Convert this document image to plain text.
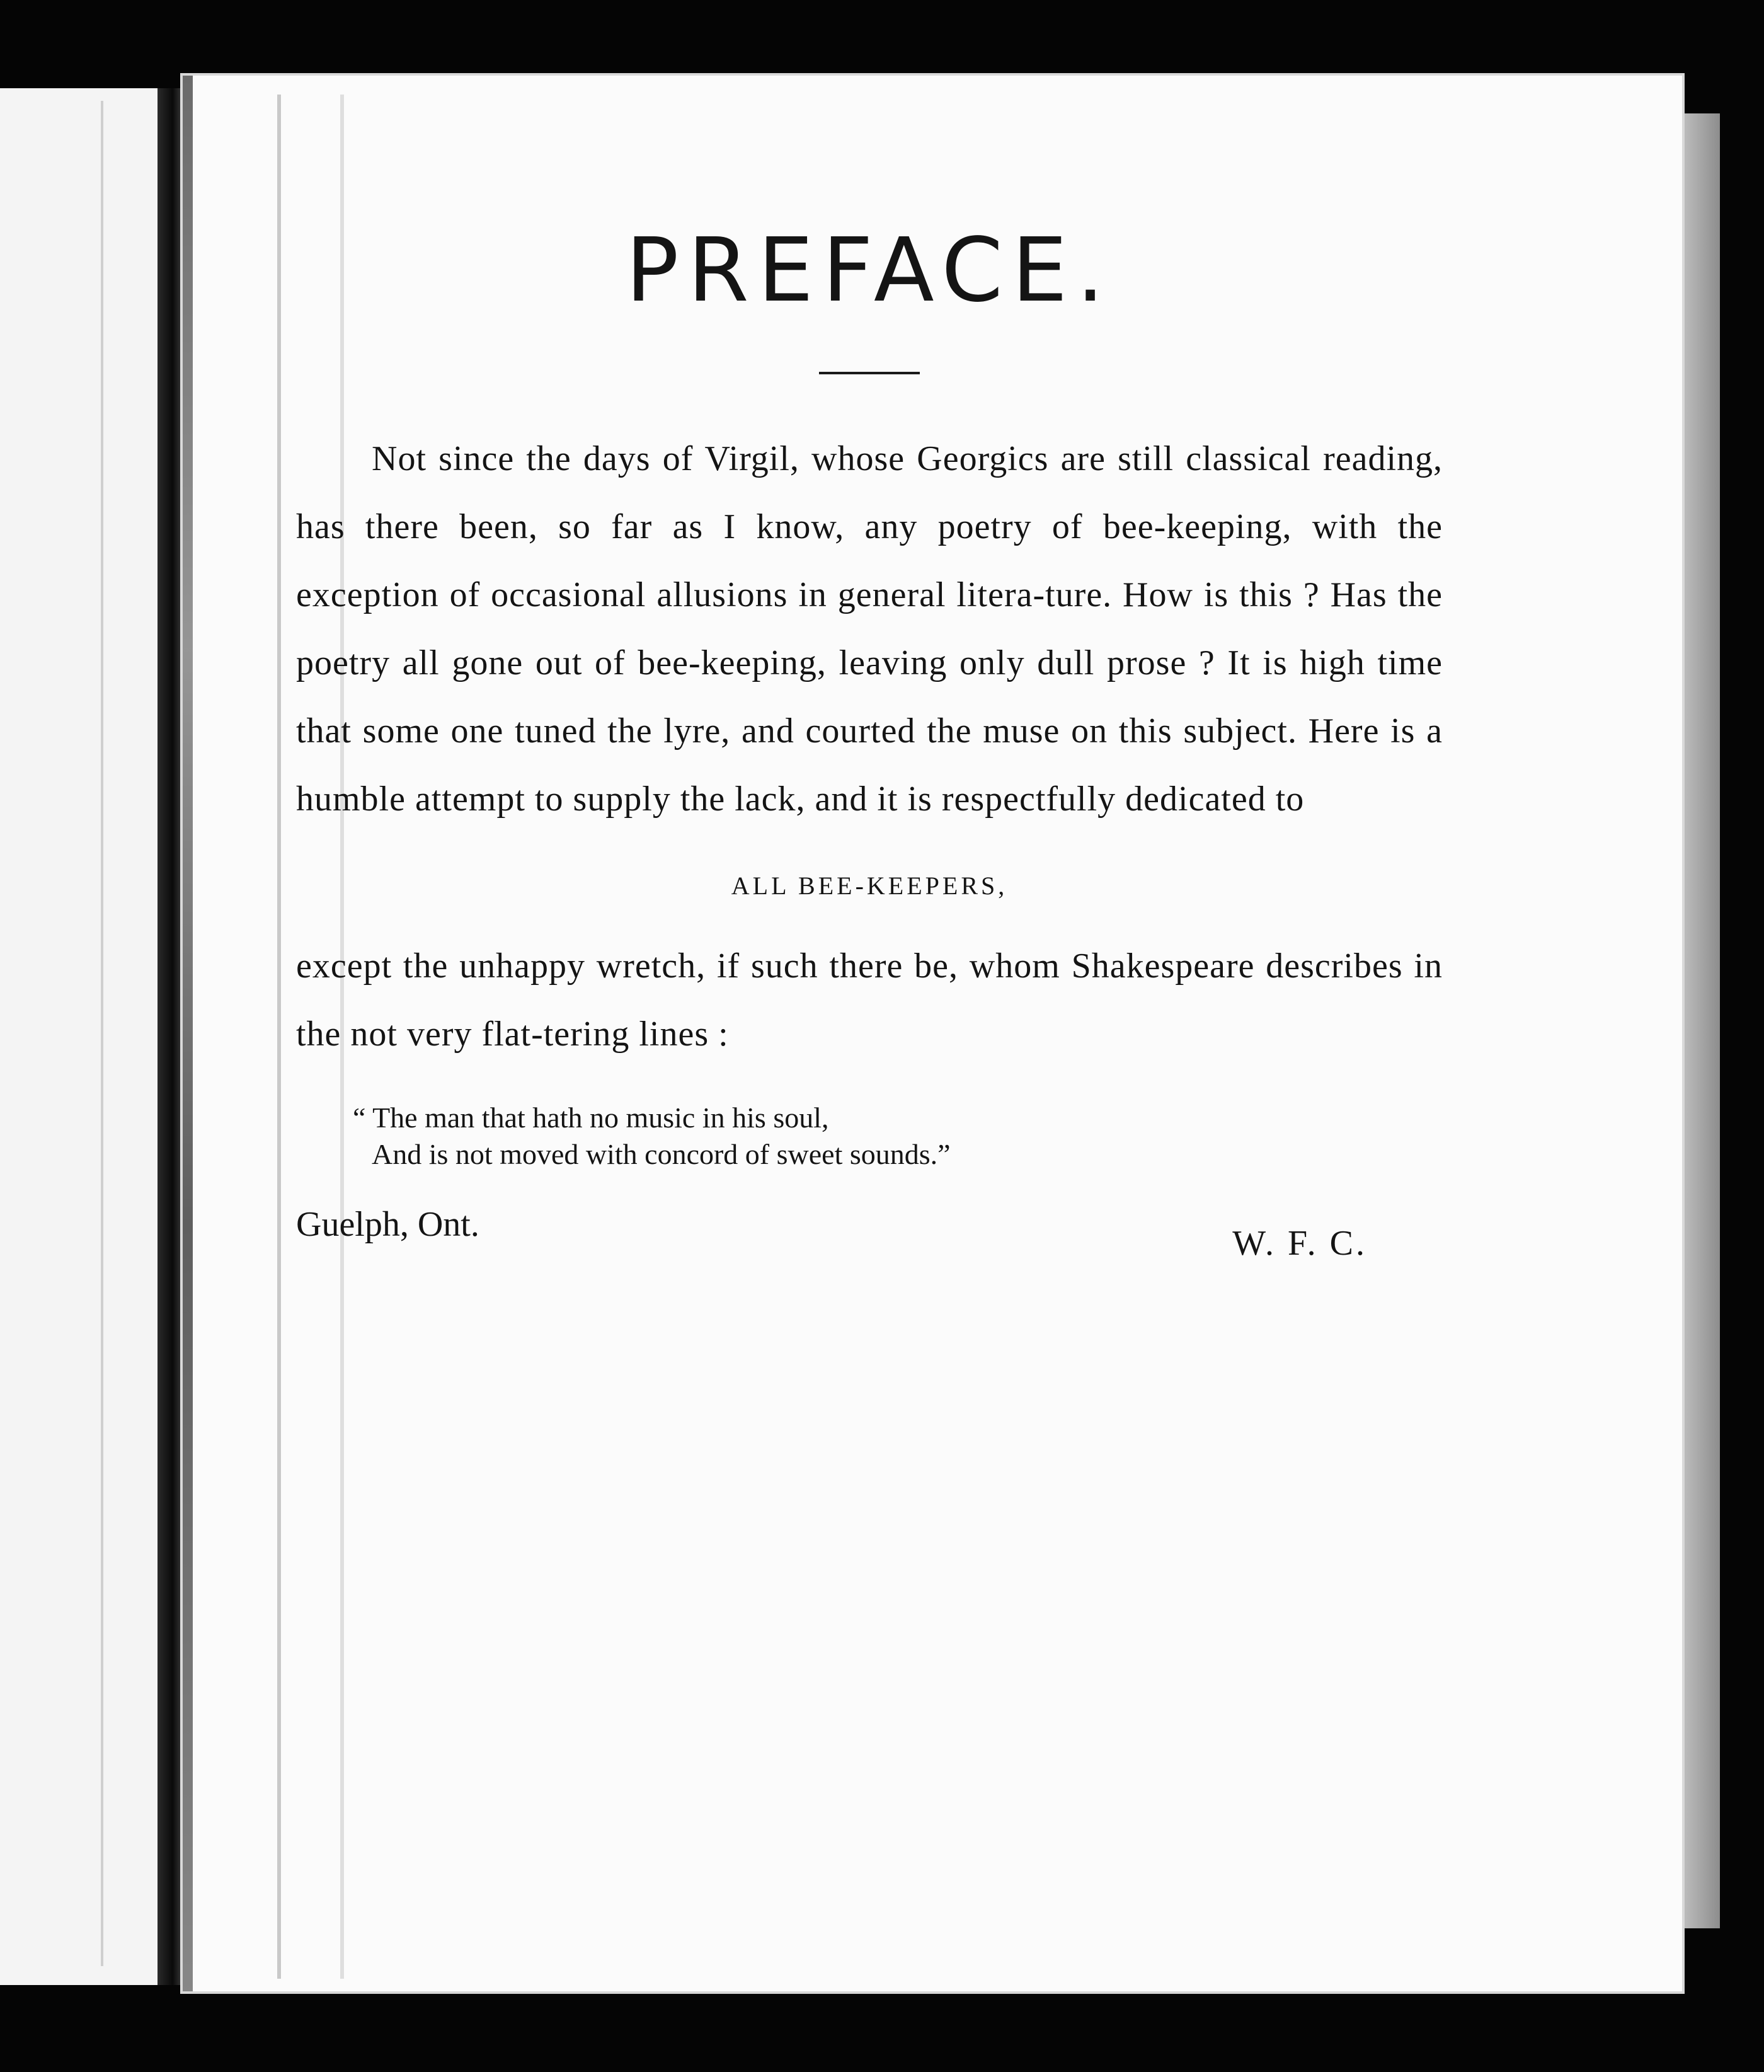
PREFACE.

Not since the days of Virgil, whose Georgics are still classical reading, has there been, so far as I know, any poetry of bee-keeping, with the exception of occasional allusions in general litera-ture. How is this ? Has the poetry all gone out of bee-keeping, leaving only dull prose ? It is high time that some one tuned the lyre, and courted the muse on this subject. Here is a humble attempt to supply the lack, and it is respectfully dedicated to

ALL BEE-KEEPERS,

except the unhappy wretch, if such there be, whom Shakespeare describes in the not very flat-tering lines :

“ The man that hath no music in his soul,
And is not moved with concord of sweet sounds.”
Guelph, Ont.	W. F. C.
